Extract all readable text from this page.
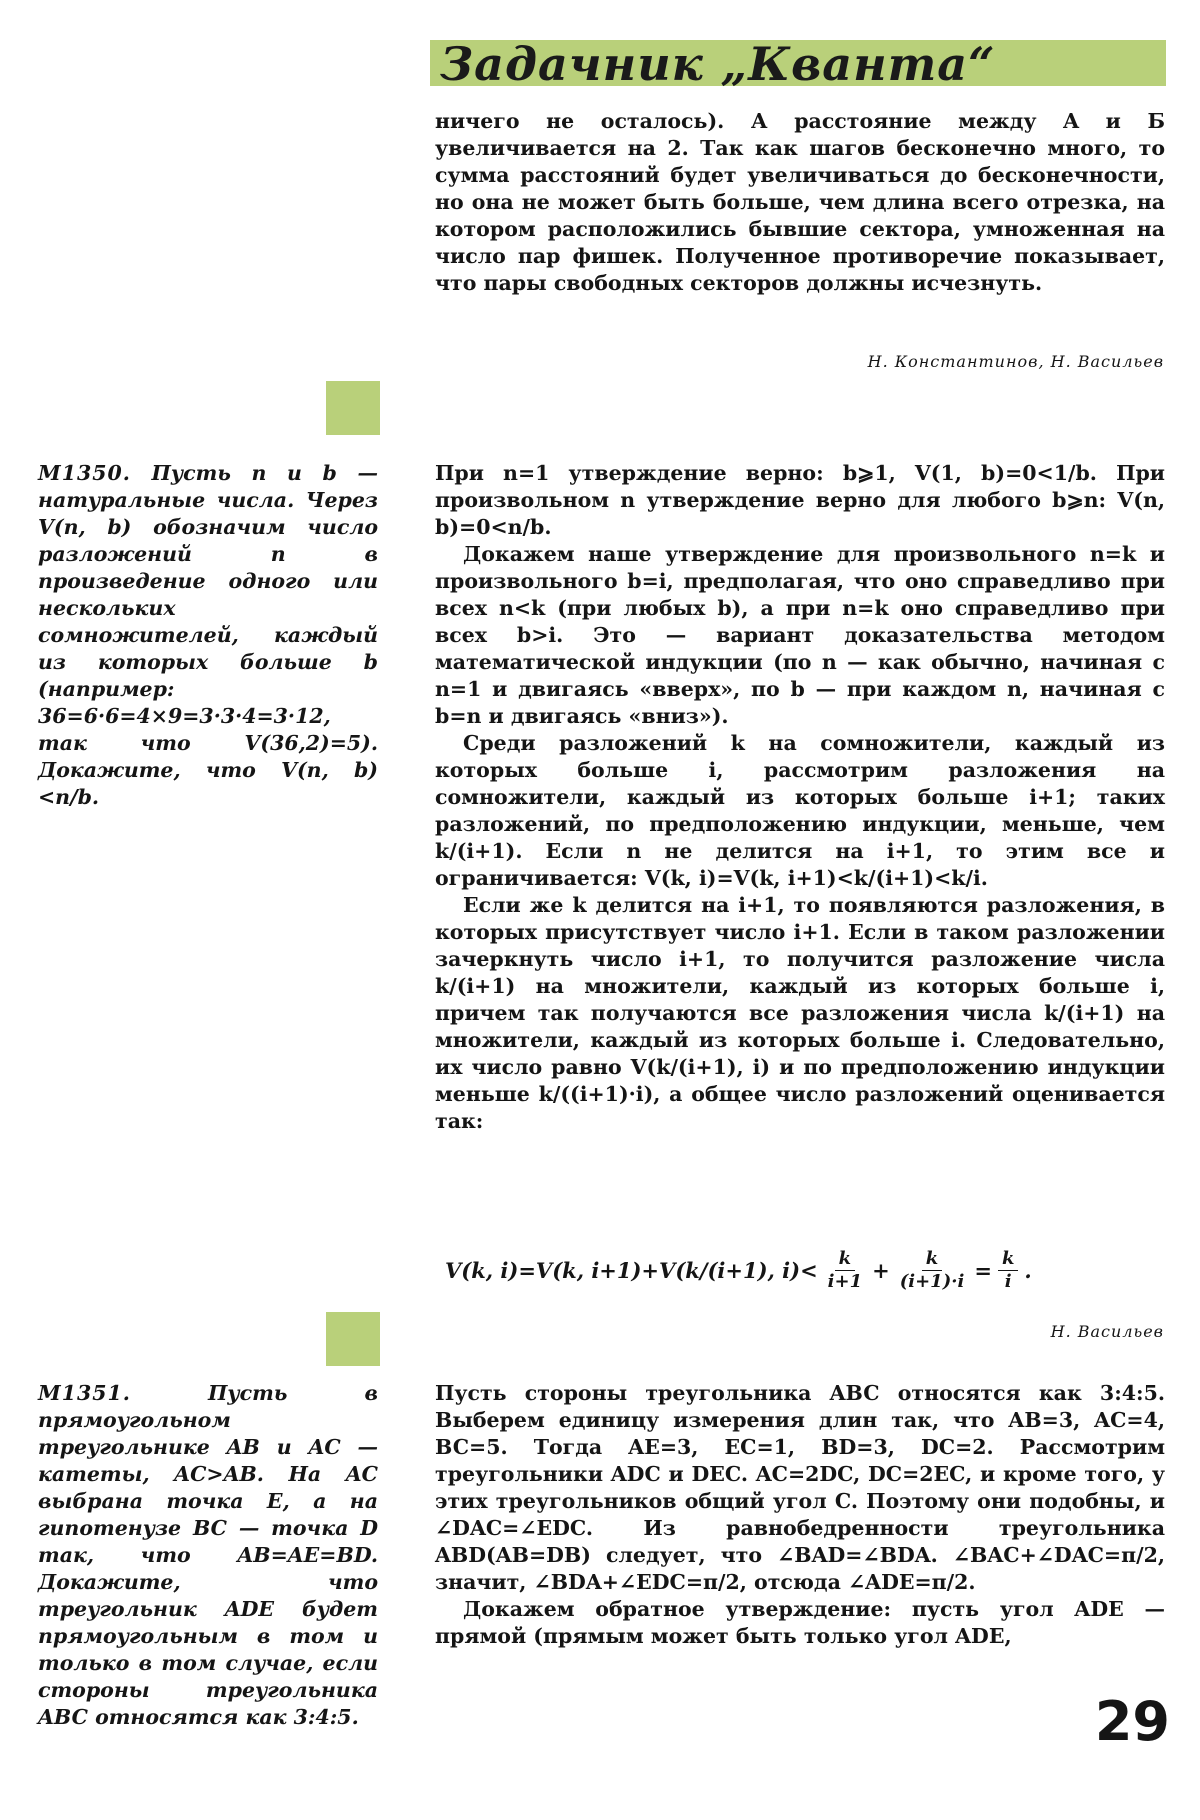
Задачник „Кванта“

ничего не осталось). А расстояние между A и Б увеличивается на 2. Так как шагов бесконечно много, то сумма расстояний будет увеличиваться до бесконечности, но она не может быть больше, чем длина всего отрезка, на котором расположились бывшие сектора, умноженная на число пар фишек. Полученное противоречие показывает, что пары свободных секторов должны исчезнуть.

Н. Константинов, Н. Васильев
М1350. Пусть n и b — натуральные числа. Через V(n, b) обозначим число разложений n в произведение одного или нескольких сомножителей, каждый из которых больше b (например: 36=6·6=4×9=3·3·4=3·12, так что V(36,2)=5). Докажите, что V(n, b)<n/b.

При n=1 утверждение верно: b⩾1, V(1, b)=0<1/b. При произвольном n утверждение верно для любого b⩾n: V(n, b)=0<n/b.

Докажем наше утверждение для произвольного n=k и произвольного b=i, предполагая, что оно справедливо при всех n<k (при любых b), а при n=k оно справедливо при всех b>i. Это — вариант доказательства методом математической индукции (по n — как обычно, начиная с n=1 и двигаясь «вверх», по b — при каждом n, начиная с b=n и двигаясь «вниз»).

Среди разложений k на сомножители, каждый из которых больше i, рассмотрим разложения на сомножители, каждый из которых больше i+1; таких разложений, по предположению индукции, меньше, чем k/(i+1). Если n не делится на i+1, то этим все и ограничивается: V(k, i)=V(k, i+1)<k/(i+1)<k/i.

Если же k делится на i+1, то появляются разложения, в которых присутствует число i+1. Если в таком разложении зачеркнуть число i+1, то получится разложение числа k/(i+1) на множители, каждый из которых больше i, причем так получаются все разложения числа k/(i+1) на множители, каждый из которых больше i. Следовательно, их число равно V(k/(i+1), i) и по предположению индукции меньше k/((i+1)·i), а общее число разложений оценивается так:

V(k, i)=V(k, i+1)+V(k/(i+1), $i)< \frac{k}{i+1} + \frac{k}{(i+1)\cdot i} = \frac{k}{i}$ .
Н. Васильев
М1351.	Пусть в прямоугольном треугольнике AB и AC — катеты, AC>AB. На AC выбрана точка E, а на гипотенузе BC — точка D так, что AB=AE=BD. Докажите, что треугольник ADE будет прямоугольным в том и только в том случае, если стороны треугольника ABC относятся как 3:4:5.

Пусть стороны треугольника ABC относятся как 3:4:5. Выберем единицу измерения длин так, что AB=3, AC=4, BC=5. Тогда AE=3, EC=1, BD=3, DC=2. Рассмотрим треугольники ADC и DEC. AC=2DC, DC=2EC, и кроме того, у этих треугольников общий угол C. Поэтому они подобны, и ∠DAC=∠EDC. Из равнобедренности треугольника ABD(AB=DB) следует, что ∠BAD=∠BDA. ∠BAC+∠DAC=π/2, значит, ∠BDA+∠EDC=π/2, отсюда ∠ADE=π/2.

Докажем обратное утверждение: пусть угол ADE — прямой (прямым может быть только угол ADE,

29
